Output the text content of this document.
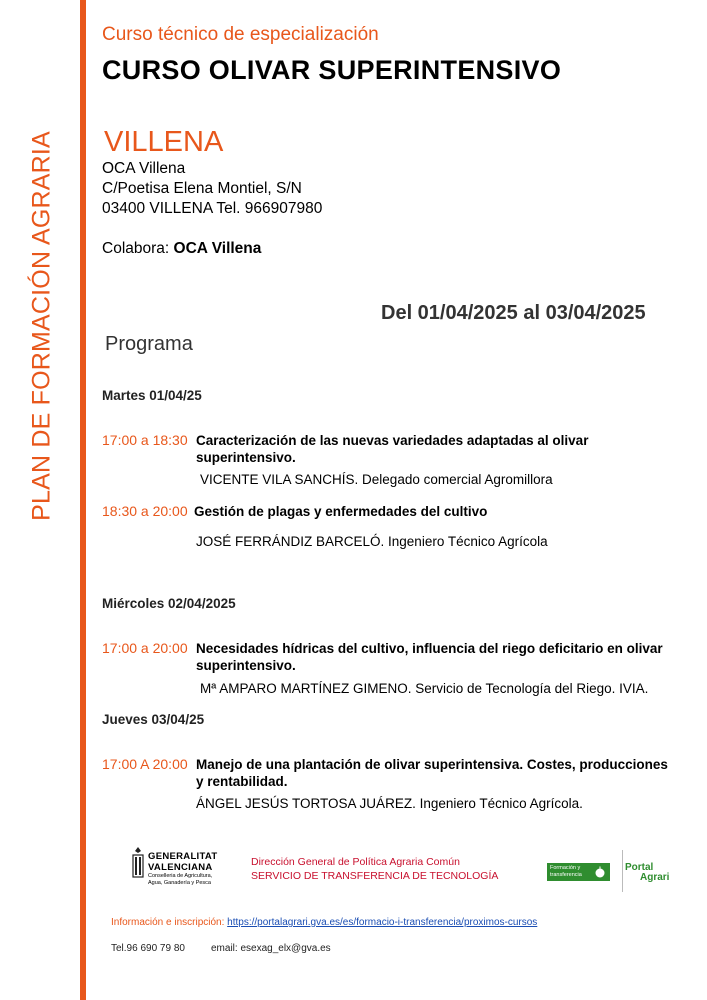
PLAN DE FORMACIÓN AGRARIA
Curso técnico de especialización
CURSO OLIVAR SUPERINTENSIVO
VILLENA
OCA Villena
C/Poetisa Elena Montiel, S/N
03400 VILLENA Tel. 966907980
Colabora: OCA Villena
Del 01/04/2025 al 03/04/2025
Programa
Martes 01/04/25
17:00 a 18:30 Caracterización de las nuevas variedades adaptadas al olivar
superintensivo.
VICENTE VILA SANCHÍS. Delegado comercial Agromillora
18:30 a 20:00 Gestión de plagas y enfermedades del cultivo
JOSÉ FERRÁNDIZ BARCELÓ. Ingeniero Técnico Agrícola
Miércoles 02/04/2025
17:00 a 20:00 Necesidades hídricas del cultivo, influencia del riego deficitario en olivar
superintensivo.
Mª AMPARO MARTÍNEZ GIMENO. Servicio de Tecnología del Riego. IVIA.
Jueves 03/04/25
17:00 A 20:00 Manejo de una plantación de olivar superintensiva. Costes, producciones
y rentabilidad.
ÁNGEL JESÚS TORTOSA JUÁREZ. Ingeniero Técnico Agrícola.
GENERALITAT
VALENCIANA
Conselleria de Agricultura,
Agua, Ganadería y Pesca
Dirección General de Política Agraria Común
SERVICIO DE TRANSFERENCIA DE TECNOLOGÍA
Formación y
transferencia
Portal
Agrari
Información e inscripción: https://portalagrari.gva.es/es/formacio-i-transferencia/proximos-cursos
Tel.96 690 79 80	email: esexag_elx@gva.es
